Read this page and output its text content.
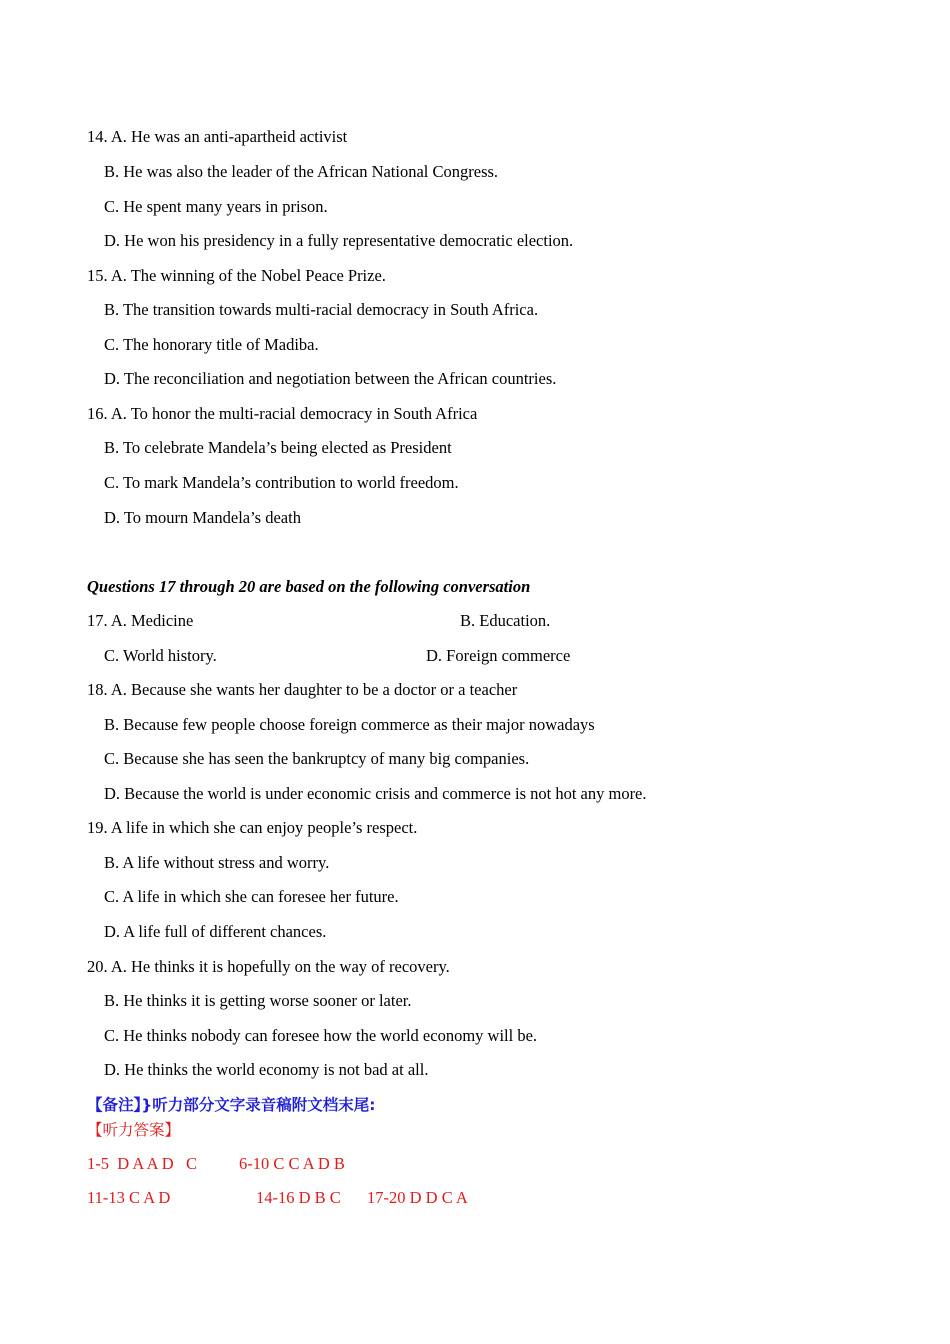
14. A. He was an anti-apartheid activist
B. He was also the leader of the African National Congress.
C. He spent many years in prison.
D. He won his presidency in a fully representative democratic election.
15. A. The winning of the Nobel Peace Prize.
B. The transition towards multi-racial democracy in South Africa.
C. The honorary title of Madiba.
D. The reconciliation and negotiation between the African countries.
16. A. To honor the multi-racial democracy in South Africa
B. To celebrate Mandela’s being elected as President
C. To mark Mandela’s contribution to world freedom.
D. To mourn Mandela’s death
Questions 17 through 20 are based on the following conversation
17. A. Medicine	B. Education.
C. World history.	D. Foreign commerce
18. A. Because she wants her daughter to be a doctor or a teacher
B. Because few people choose foreign commerce as their major nowadays
C. Because she has seen the bankruptcy of many big companies.
D. Because the world is under economic crisis and commerce is not hot any more.
19. A life in which she can enjoy people’s respect.
B. A life without stress and worry.
C. A life in which she can foresee her future.
D. A life full of different chances.
20. A. He thinks it is hopefully on the way of recovery.
B. He thinks it is getting worse sooner or later.
C. He thinks nobody can foresee how the world economy will be.
D. He thinks the world economy is not bad at all.
【备注】}听力部分文字录音稿附文档末尾:
【听力答案】
1-5  D A A D   C	6-10 C C A D B
11-13 C A D	14-16 D B C 17-20 D D C A
